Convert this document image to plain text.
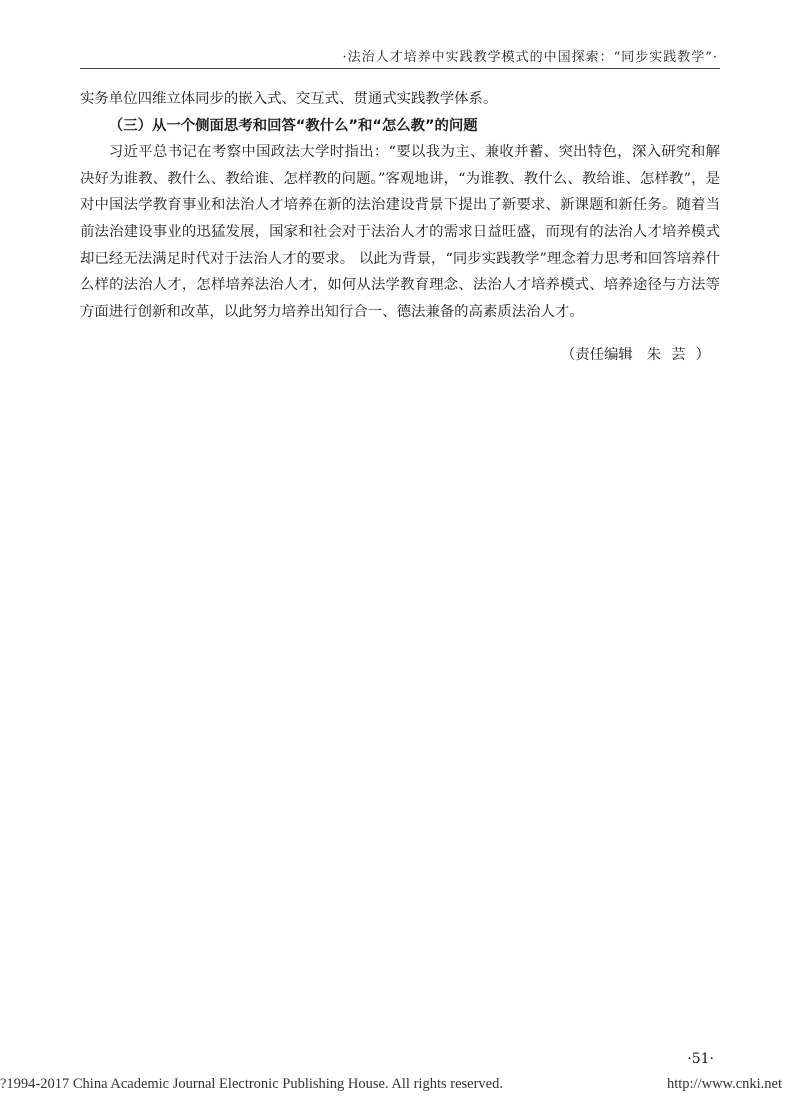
·法治人才培养中实践教学模式的中国探索：“同步实践教学”·

实务单位四维立体同步的嵌入式、交互式、贯通式实践教学体系。

（三）从一个侧面思考和回答“教什么”和“怎么教”的问题

习近平总书记在考察中国政法大学时指出：“要以我为主、兼收并蓄、突出特色，深入研究和解决好为谁教、教什么、教给谁、怎样教的问题。”客观地讲，“为谁教、教什么、教给谁、怎样教”，是对中国法学教育事业和法治人才培养在新的法治建设背景下提出了新要求、新课题和新任务。随着当前法治建设事业的迅猛发展，国家和社会对于法治人才的需求日益旺盛，而现有的法治人才培养模式却已经无法满足时代对于法治人才的要求。 以此为背景，“同步实践教学”理念着力思考和回答培养什么样的法治人才，怎样培养法治人才，如何从法学教育理念、法治人才培养模式、培养途径与方法等方面进行创新和改革，以此努力培养出知行合一、德法兼备的高素质法治人才。

（责任编辑 朱芸）
·51·
?1994-2017 China Academic Journal Electronic Publishing House. All rights reserved.	http://www.cnki.net
